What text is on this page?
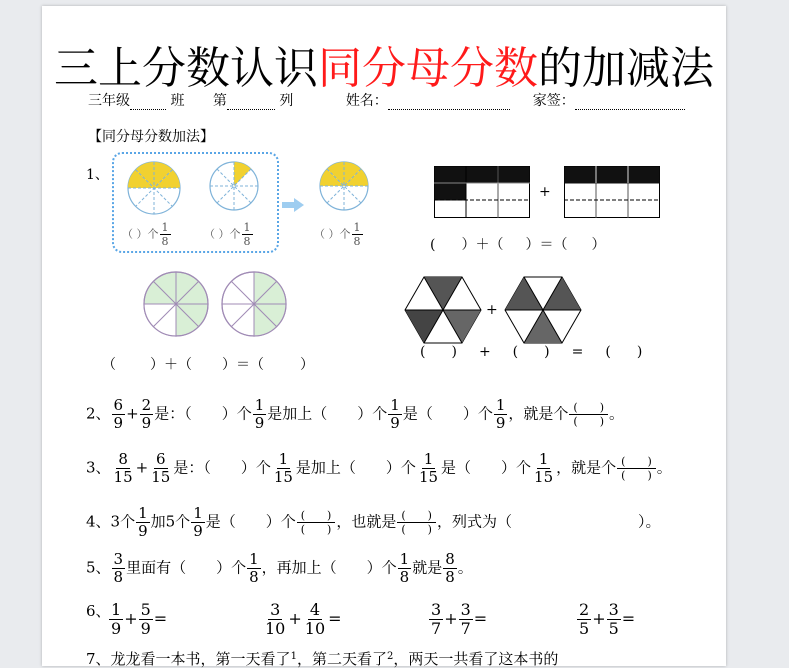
三上分数认识同分母分数的加减法
三年级	班 第	列	姓名：	家签：
【同分母分数加法】
1、
（ ）个 $\frac{1}{8}$	（ ）个 $\frac{1}{8}$	（ ）个 $\frac{1}{8}$
+
( ）＋（ ）＝（ ）
（ ）＋（ ）＝（	）
+
( ) + ( ) = ( )
2、 $\frac{6}{9} + \frac{2}{9}$ 是：（　　）个 $\frac{1}{9}$ 是加上（　　）个 $\frac{1}{9}$ 是（　　）个 $\frac{1}{9}$ ，就是个 (　　)
(　　) 。
3、 $\frac{8}{15} + \frac{6}{15}$ 是：（　　）个 $\frac{1}{15}$ 是加上（　　）个 $\frac{1}{15}$ 是（　　）个 $\frac{1}{15}$ ，就是个 (　　)
(　　) 。
4、3个 $\frac{1}{9}$ 加5个 $\frac{1}{9}$ 是（　　）个 (　　)
(　　) ，也就是 (　　)
(　　) ，列式为（	）。
5、 $\frac{3}{8}$ 里面有（　　）个 $\frac{1}{8}$ ，再加上（　　）个 $\frac{1}{8}$ 就是 $\frac{8}{8}$ 。
6、
$\frac{1}{9} + \frac{5}{9}$ =	$\frac{3}{10} + \frac{4}{10}$ =	$\frac{3}{7} + \frac{3}{7}$ =	$\frac{2}{5} + \frac{3}{5}$ =
7、龙龙看一本书，第一天看了$^1$，第二天看了$^2$，两天一共看了这本书的
